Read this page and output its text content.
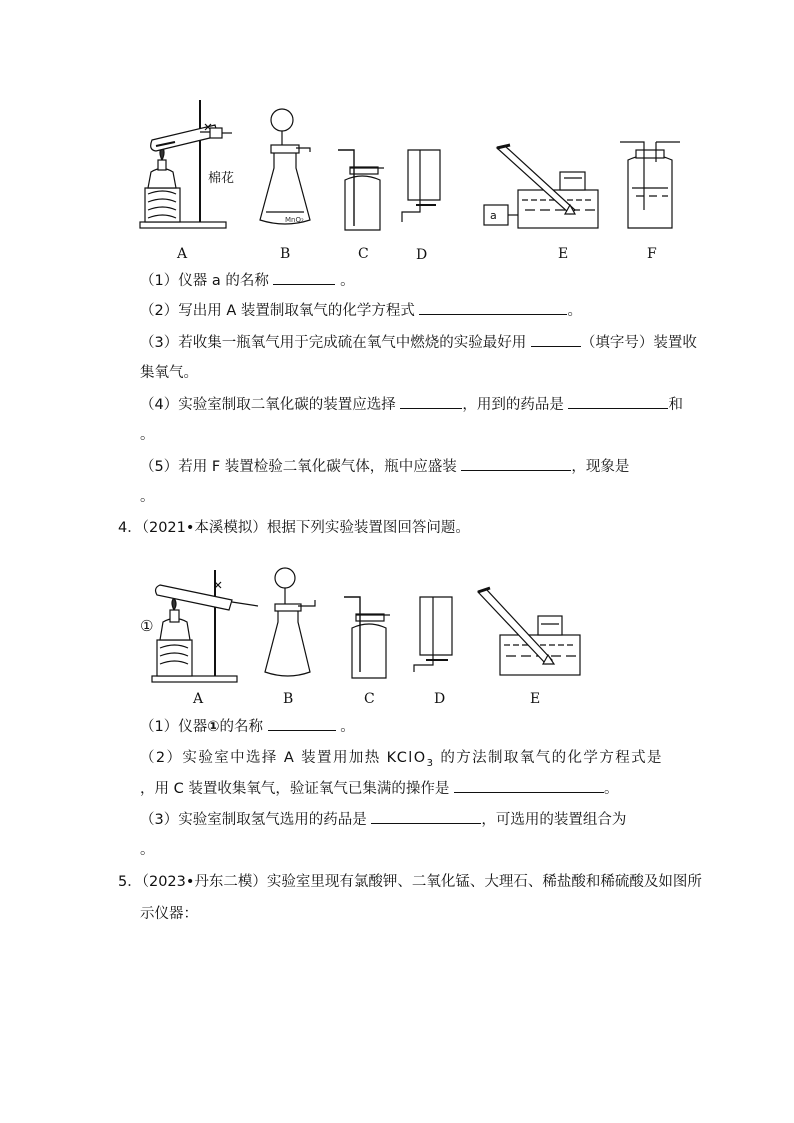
MnO₂
A	B	C	D	E	F
棉花
a
（1）仪器 a 的名称	。
（2）写出用 A 装置制取氧气的化学方程式	。
（3）若收集一瓶氧气用于完成硫在氧气中燃烧的实验最好用	（填字号）装置收
集氧气。
（4）实验室制取二氧化碳的装置应选择	，用到的药品是	和
。
（5）若用 F 装置检验二氧化碳气体，瓶中应盛装	，现象是
。
4．（2021•本溪模拟）根据下列实验装置图回答问题。
A	B	C	D	E
①
（1）仪器①的名称	。
（2）实验室中选择 A 装置用加热 KClO$_3$ 的方法制取氧气的化学方程式是
，用 C 装置收集氧气，验证氧气已集满的操作是	。
（3）实验室制取氢气选用的药品是	，可选用的装置组合为
。
5．（2023•丹东二模）实验室里现有氯酸钾、二氧化锰、大理石、稀盐酸和稀硫酸及如图所
示仪器：
